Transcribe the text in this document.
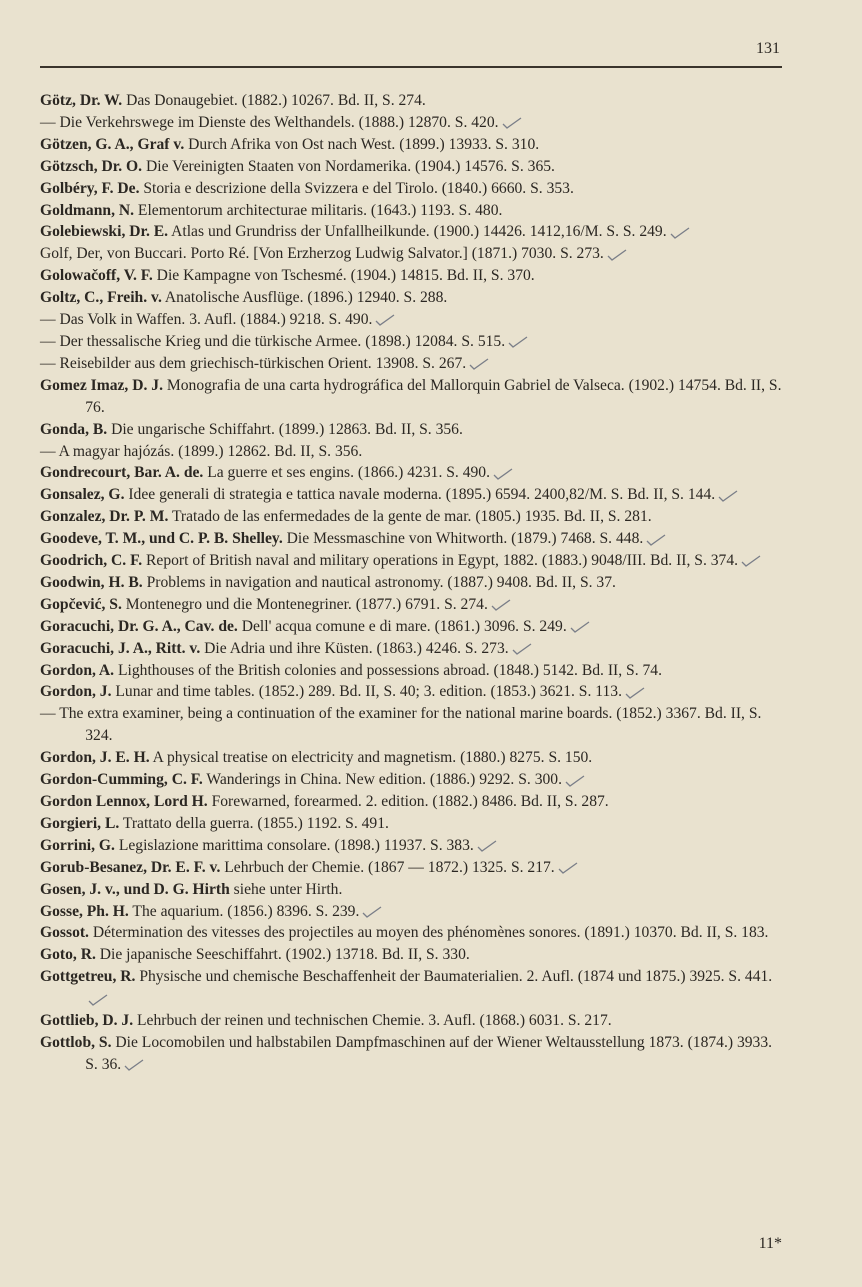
131

Götz, Dr. W. Das Donaugebiet. (1882.) 10267. Bd. II, S. 274.

— Die Verkehrswege im Dienste des Welthandels. (1888.) 12870. S. 420.

Götzen, G. A., Graf v. Durch Afrika von Ost nach West. (1899.) 13933. S. 310.

Götzsch, Dr. O. Die Vereinigten Staaten von Nordamerika. (1904.) 14576. S. 365.

Golbéry, F. De. Storia e descrizione della Svizzera e del Tirolo. (1840.) 6660. S. 353.

Goldmann, N. Elementorum architecturae militaris. (1643.) 1193. S. 480.

Golebiewski, Dr. E. Atlas und Grundriss der Unfallheilkunde. (1900.) 14426. 1412,16/M. S. S. 249.

Golf, Der, von Buccari. Porto Ré. [Von Erzherzog Ludwig Salvator.] (1871.) 7030. S. 273.

Golowačoff, V. F. Die Kampagne von Tschesmé. (1904.) 14815. Bd. II, S. 370.

Goltz, C., Freih. v. Anatolische Ausflüge. (1896.) 12940. S. 288.

— Das Volk in Waffen. 3. Aufl. (1884.) 9218. S. 490.

— Der thessalische Krieg und die türkische Armee. (1898.) 12084. S. 515.

— Reisebilder aus dem griechisch-türkischen Orient. 13908. S. 267.

Gomez Imaz, D. J. Monografia de una carta hydrográfica del Mallorquin Gabriel de Valseca. (1902.) 14754. Bd. II, S. 76.

Gonda, B. Die ungarische Schiffahrt. (1899.) 12863. Bd. II, S. 356.

— A magyar hajózás. (1899.) 12862. Bd. II, S. 356.

Gondrecourt, Bar. A. de. La guerre et ses engins. (1866.) 4231. S. 490.

Gonsalez, G. Idee generali di strategia e tattica navale moderna. (1895.) 6594. 2400,82/M. S. Bd. II, S. 144.

Gonzalez, Dr. P. M. Tratado de las enfermedades de la gente de mar. (1805.) 1935. Bd. II, S. 281.

Goodeve, T. M., und C. P. B. Shelley. Die Messmaschine von Whitworth. (1879.) 7468. S. 448.

Goodrich, C. F. Report of British naval and military operations in Egypt, 1882. (1883.) 9048/III. Bd. II, S. 374.

Goodwin, H. B. Problems in navigation and nautical astronomy. (1887.) 9408. Bd. II, S. 37.

Gopčević, S. Montenegro und die Montenegriner. (1877.) 6791. S. 274.

Goracuchi, Dr. G. A., Cav. de. Dell' acqua comune e di mare. (1861.) 3096. S. 249.

Goracuchi, J. A., Ritt. v. Die Adria und ihre Küsten. (1863.) 4246. S. 273.

Gordon, A. Lighthouses of the British colonies and possessions abroad. (1848.) 5142. Bd. II, S. 74.

Gordon, J. Lunar and time tables. (1852.) 289. Bd. II, S. 40; 3. edition. (1853.) 3621. S. 113.

— The extra examiner, being a continuation of the examiner for the national marine boards. (1852.) 3367. Bd. II, S. 324.

Gordon, J. E. H. A physical treatise on electricity and magnetism. (1880.) 8275. S. 150.

Gordon-Cumming, C. F. Wanderings in China. New edition. (1886.) 9292. S. 300.

Gordon Lennox, Lord H. Forewarned, forearmed. 2. edition. (1882.) 8486. Bd. II, S. 287.

Gorgieri, L. Trattato della guerra. (1855.) 1192. S. 491.

Gorrini, G. Legislazione marittima consolare. (1898.) 11937. S. 383.

Gorub-Besanez, Dr. E. F. v. Lehrbuch der Chemie. (1867 — 1872.) 1325. S. 217.

Gosen, J. v., und D. G. Hirth siehe unter Hirth.

Gosse, Ph. H. The aquarium. (1856.) 8396. S. 239.

Gossot. Détermination des vitesses des projectiles au moyen des phénomènes sonores. (1891.) 10370. Bd. II, S. 183.

Goto, R. Die japanische Seeschiffahrt. (1902.) 13718. Bd. II, S. 330.

Gottgetreu, R. Physische und chemische Beschaffenheit der Baumaterialien. 2. Aufl. (1874 und 1875.) 3925. S. 441.

Gottlieb, D. J. Lehrbuch der reinen und technischen Chemie. 3. Aufl. (1868.) 6031. S. 217.

Gottlob, S. Die Locomobilen und halbstabilen Dampfmaschinen auf der Wiener Weltausstellung 1873. (1874.) 3933. S. 36.

11*
